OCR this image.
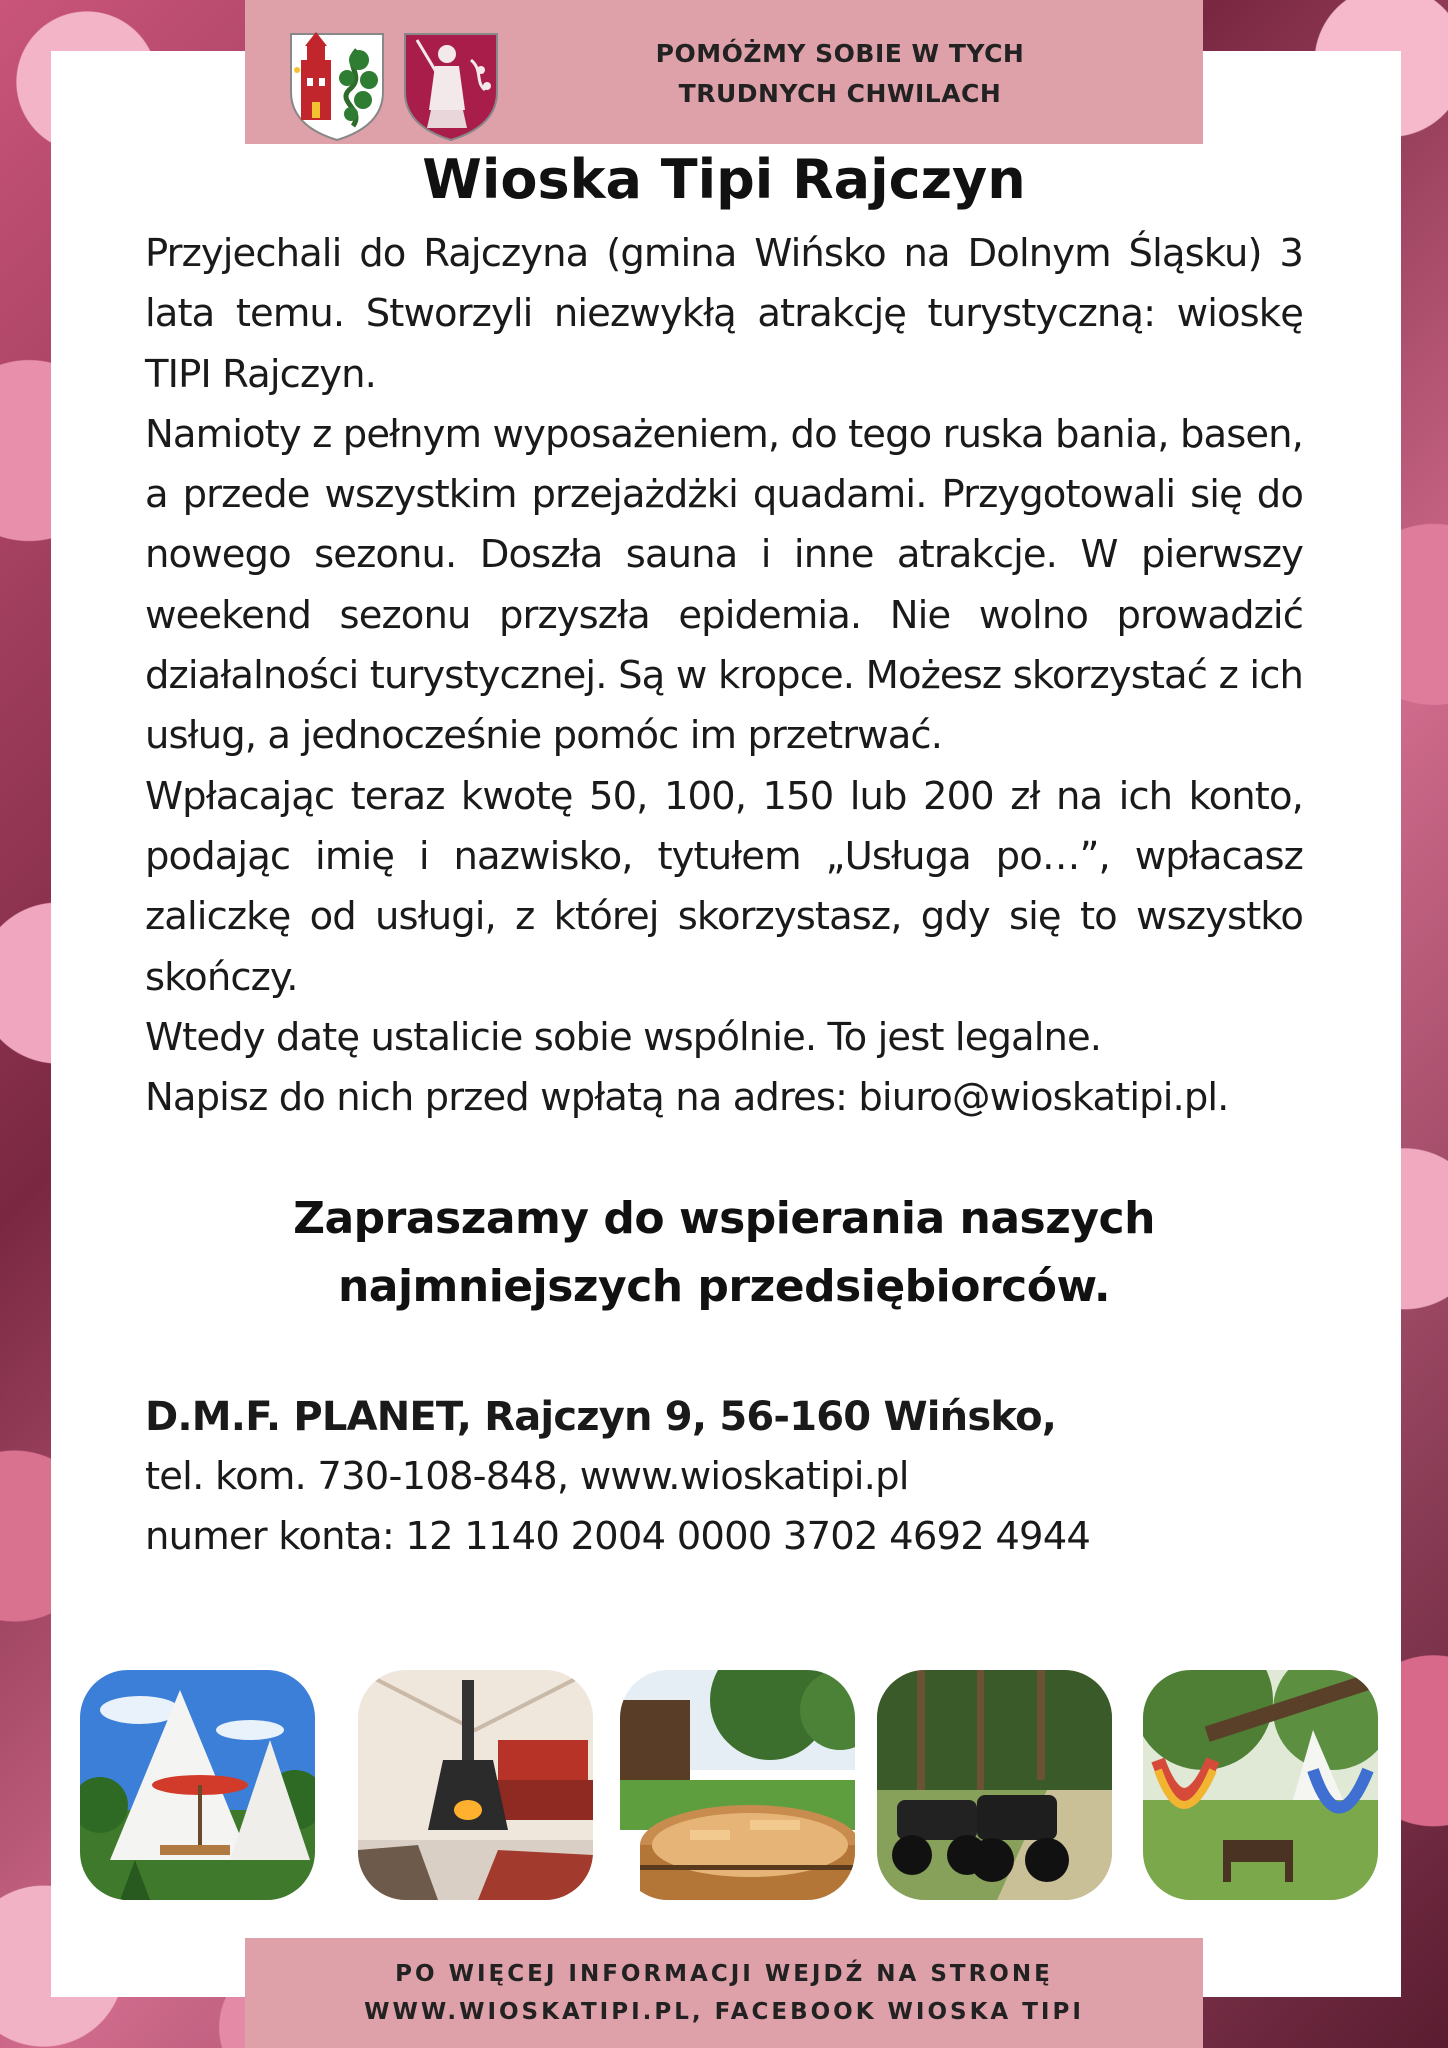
POMÓŻMY SOBIE W TYCH
TRUDNYCH CHWILACH
Wioska Tipi Rajczyn

Przyjechali do Rajczyna (gmina Wińsko na Dolnym Śląsku) 3 lata temu. Stworzyli niezwykłą atrakcję turystyczną: wioskę TIPI Rajczyn.

Namioty z pełnym wyposażeniem, do tego ruska bania, basen, a przede wszystkim przejażdżki quadami. Przygotowali się do nowego sezonu. Doszła sauna i inne atrakcje. W pierwszy weekend sezonu przyszła epidemia. Nie wolno prowadzić działalności turystycznej. Są w kropce. Możesz skorzystać z ich usług, a jednocześnie pomóc im przetrwać.

Wpłacając teraz kwotę 50, 100, 150 lub 200 zł na ich konto, podając imię i nazwisko, tytułem „Usługa po…”, wpłacasz zaliczkę od usługi, z której skorzystasz, gdy się to wszystko skończy.

Wtedy datę ustalicie sobie wspólnie. To jest legalne.

Napisz do nich przed wpłatą na adres: biuro@wioskatipi.pl.

Zapraszamy do wspierania naszych
najmniejszych przedsiębiorców.
D.M.F. PLANET, Rajczyn 9, 56-160 Wińsko,
tel. kom. 730-108-848, www.wioskatipi.pl
numer konta: 12 1140 2004 0000 3702 4692 4944
PO WIĘCEJ INFORMACJI WEJDŹ NA STRONĘ
WWW.WIOSKATIPI.PL, FACEBOOK WIOSKA TIPI
